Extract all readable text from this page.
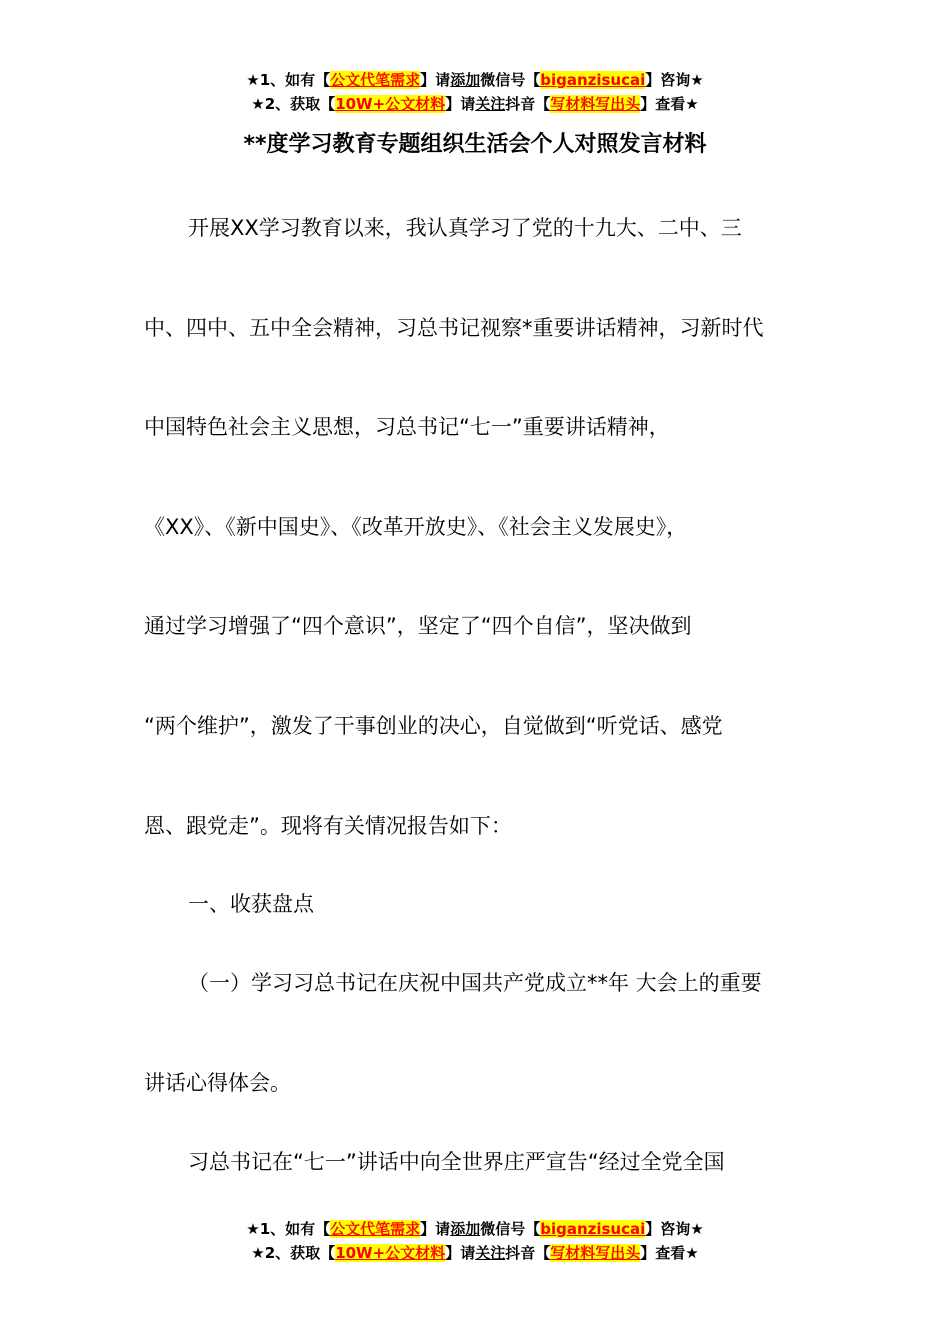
★1、如有【公文代笔需求】请添加微信号【biganzisucai】咨询★
★2、获取【10W+公文材料】请关注抖音【写材料写出头】查看★
**度学习教育专题组织生活会个人对照发言材料
开展XX学习教育以来，我认真学习了党的十九大、二中、三
中、四中、五中全会精神，习总书记视察*重要讲话精神，习新时代
中国特色社会主义思想，习总书记“七一”重要讲话精神，
《XX》、《新中国史》、《改革开放史》、《社会主义发展史》，
通过学习增强了“四个意识”，坚定了“四个自信”，坚决做到
“两个维护”，激发了干事创业的决心，自觉做到“听党话、感党
恩、跟党走”。现将有关情况报告如下：
一、收获盘点
（一）学习习总书记在庆祝中国共产党成立**年 大会上的重要
讲话心得体会。
习总书记在“七一”讲话中向全世界庄严宣告“经过全党全国
★1、如有【公文代笔需求】请添加微信号【biganzisucai】咨询★
★2、获取【10W+公文材料】请关注抖音【写材料写出头】查看★
